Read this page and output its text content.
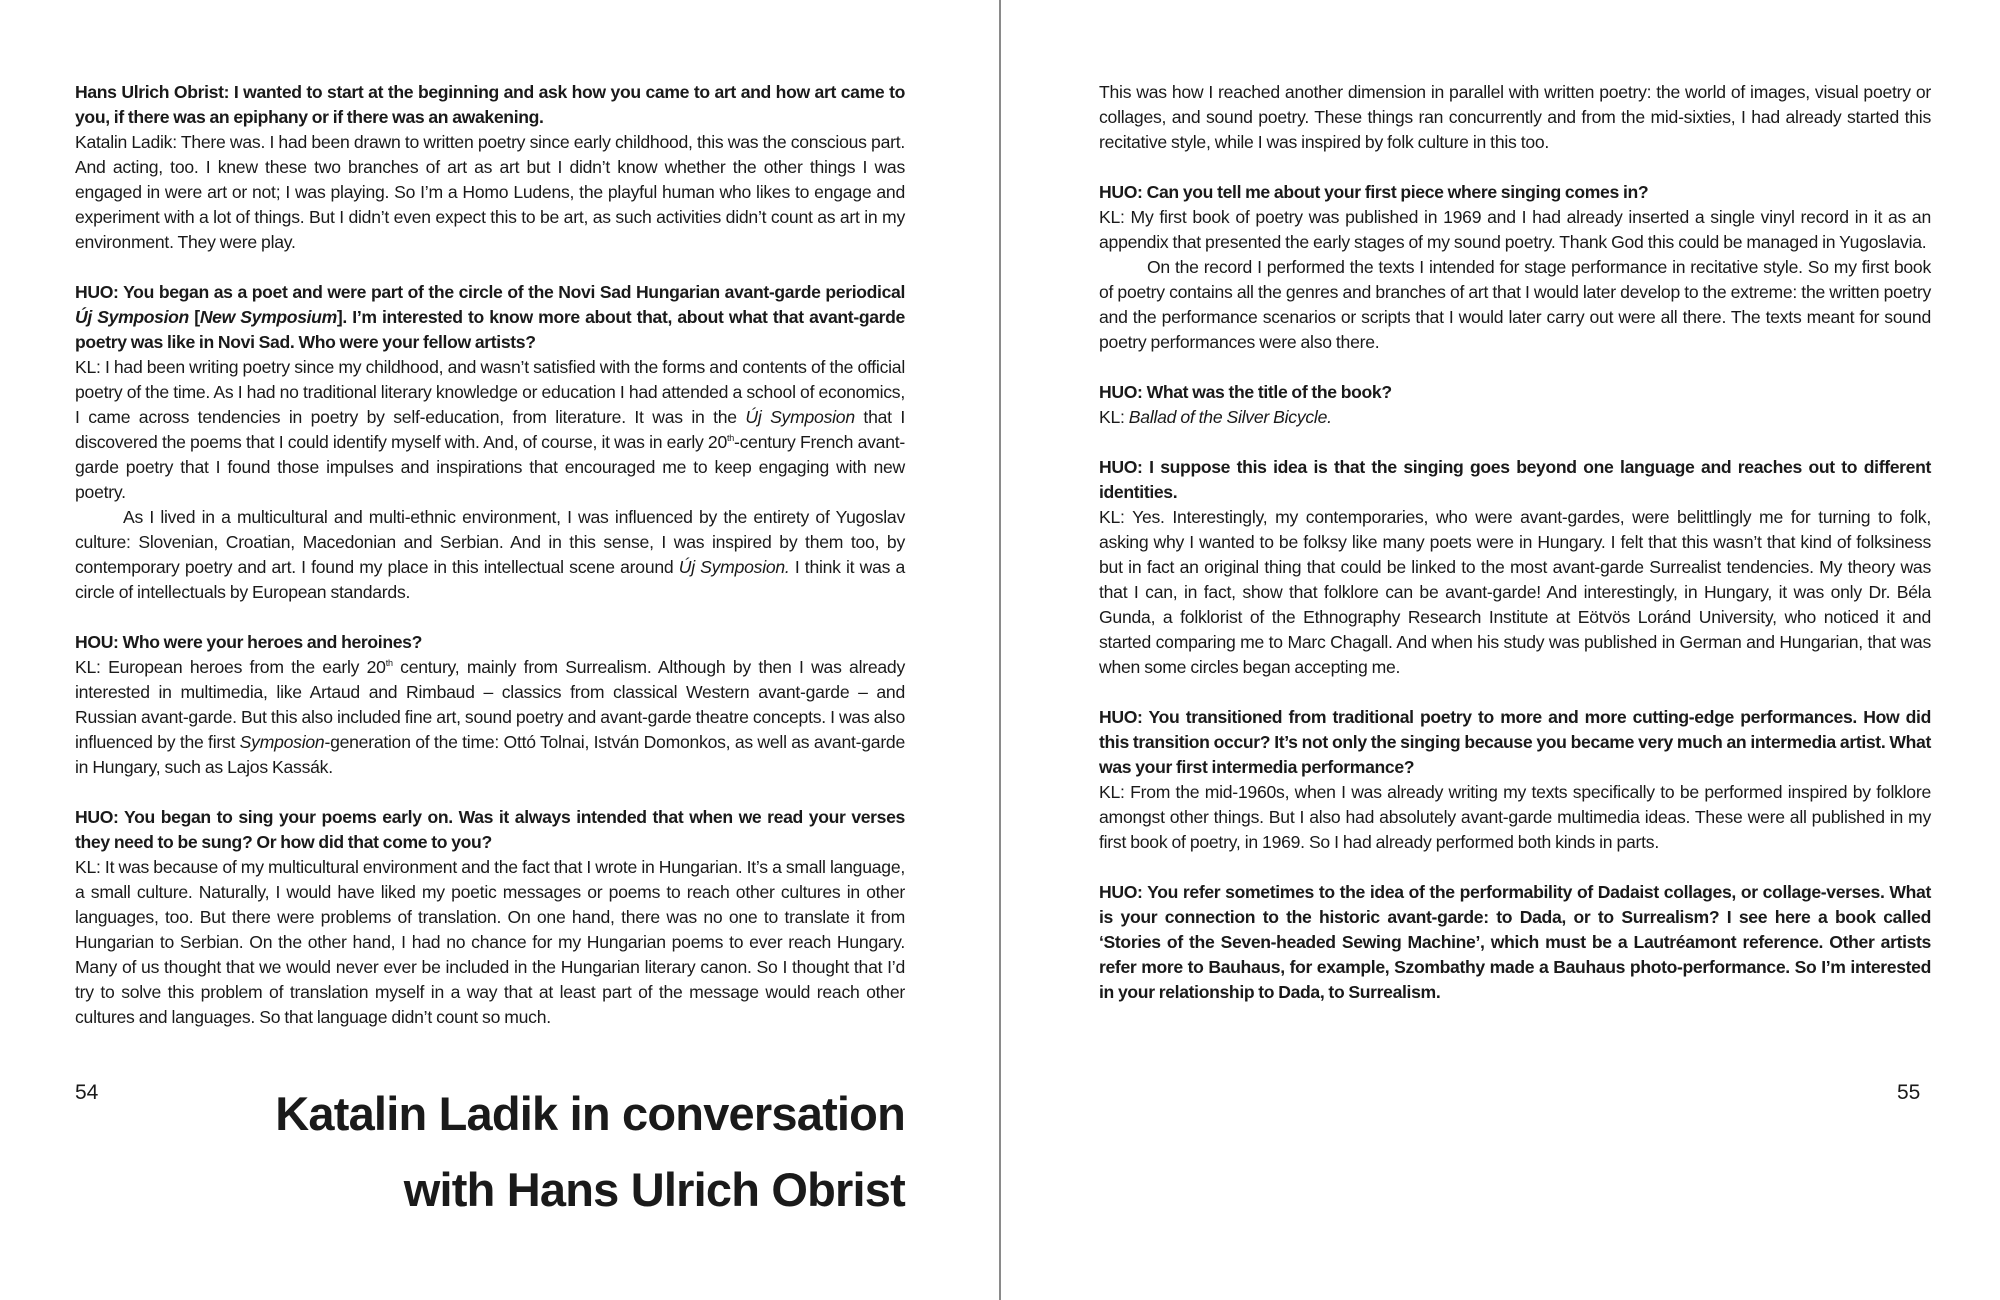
Hans Ulrich Obrist: I wanted to start at the beginning and ask how you came to art and how art came to you, if there was an epiphany or if there was an awakening.
Katalin Ladik: There was. I had been drawn to written poetry since early childhood, this was the conscious part. And acting, too. I knew these two branches of art as art but I didn’t know whether the other things I was engaged in were art or not; I was playing. So I’m a Homo Ludens, the playful human who likes to engage and experiment with a lot of things. But I didn’t even expect this to be art, as such activities didn’t count as art in my environment. They were play.
HUO: You began as a poet and were part of the circle of the Novi Sad Hungarian avant-garde periodical Új Symposion [New Symposium]. I’m interested to know more about that, about what that avant-garde poetry was like in Novi Sad. Who were your fellow artists?
KL: I had been writing poetry since my childhood, and wasn’t satisfied with the forms and contents of the official poetry of the time. As I had no traditional literary knowledge or education I had attended a school of economics, I came across tendencies in poetry by self-education, from literature. It was in the Új Symposion that I discovered the poems that I could identify myself with. And, of course, it was in early 20th-century French avant-garde poetry that I found those impulses and inspirations that encouraged me to keep engaging with new poetry.
As I lived in a multicultural and multi-ethnic environment, I was influenced by the entirety of Yugoslav culture: Slovenian, Croatian, Macedonian and Serbian. And in this sense, I was inspired by them too, by contemporary poetry and art. I found my place in this intellectual scene around Új Symposion. I think it was a circle of intellectuals by European standards.
HOU: Who were your heroes and heroines?
KL: European heroes from the early 20th century, mainly from Surrealism. Although by then I was already interested in multimedia, like Artaud and Rimbaud – classics from classical Western avant-garde – and Russian avant-garde. But this also included fine art, sound poetry and avant-garde theatre concepts. I was also influenced by the first Symposion-generation of the time: Ottó Tolnai, István Domonkos, as well as avant-garde in Hungary, such as Lajos Kassák.
HUO: You began to sing your poems early on. Was it always intended that when we read your verses they need to be sung? Or how did that come to you?
KL: It was because of my multicultural environment and the fact that I wrote in Hungarian. It’s a small language, a small culture. Naturally, I would have liked my poetic messages or poems to reach other cultures in other languages, too. But there were problems of translation. On one hand, there was no one to translate it from Hungarian to Serbian. On the other hand, I had no chance for my Hungarian poems to ever reach Hungary. Many of us thought that we would never ever be included in the Hungarian literary canon. So I thought that I’d try to solve this problem of translation myself in a way that at least part of the message would reach other cultures and languages. So that language didn’t count so much.
54	Katalin Ladik in conversation
with Hans Ulrich Obrist
This was how I reached another dimension in parallel with written poetry: the world of images, visual poetry or collages, and sound poetry. These things ran concurrently and from the mid-sixties, I had already started this recitative style, while I was inspired by folk culture in this too.
HUO: Can you tell me about your first piece where singing comes in?
KL: My first book of poetry was published in 1969 and I had already inserted a single vinyl record in it as an appendix that presented the early stages of my sound poetry. Thank God this could be managed in Yugoslavia.
On the record I performed the texts I intended for stage performance in recitative style. So my first book of poetry contains all the genres and branches of art that I would later develop to the extreme: the written poetry and the performance scenarios or scripts that I would later carry out were all there. The texts meant for sound poetry performances were also there.
HUO: What was the title of the book?
KL: Ballad of the Silver Bicycle.
HUO: I suppose this idea is that the singing goes beyond one language and reaches out to different identities.
KL: Yes. Interestingly, my contemporaries, who were avant-gardes, were belittlingly me for turning to folk, asking why I wanted to be folksy like many poets were in Hungary. I felt that this wasn’t that kind of folksiness but in fact an original thing that could be linked to the most avant-garde Surrealist tendencies. My theory was that I can, in fact, show that folklore can be avant-garde! And interestingly, in Hungary, it was only Dr. Béla Gunda, a folklorist of the Ethnography Research Institute at Eötvös Loránd University, who noticed it and started comparing me to Marc Chagall. And when his study was published in German and Hungarian, that was when some circles began accepting me.
HUO: You transitioned from traditional poetry to more and more cutting-edge performances. How did this transition occur? It’s not only the singing because you became very much an intermedia artist. What was your first intermedia performance?
KL: From the mid-1960s, when I was already writing my texts specifically to be performed inspired by folklore amongst other things. But I also had absolutely avant-garde multimedia ideas. These were all published in my first book of poetry, in 1969. So I had already performed both kinds in parts.
HUO: You refer sometimes to the idea of the performability of Dadaist collages, or collage-verses. What is your connection to the historic avant-garde: to Dada, or to Surrealism? I see here a book called ‘Stories of the Seven-headed Sewing Machine’, which must be a Lautréamont reference. Other artists refer more to Bauhaus, for example, Szombathy made a Bauhaus photo-performance. So I’m interested in your relationship to Dada, to Surrealism.
55
